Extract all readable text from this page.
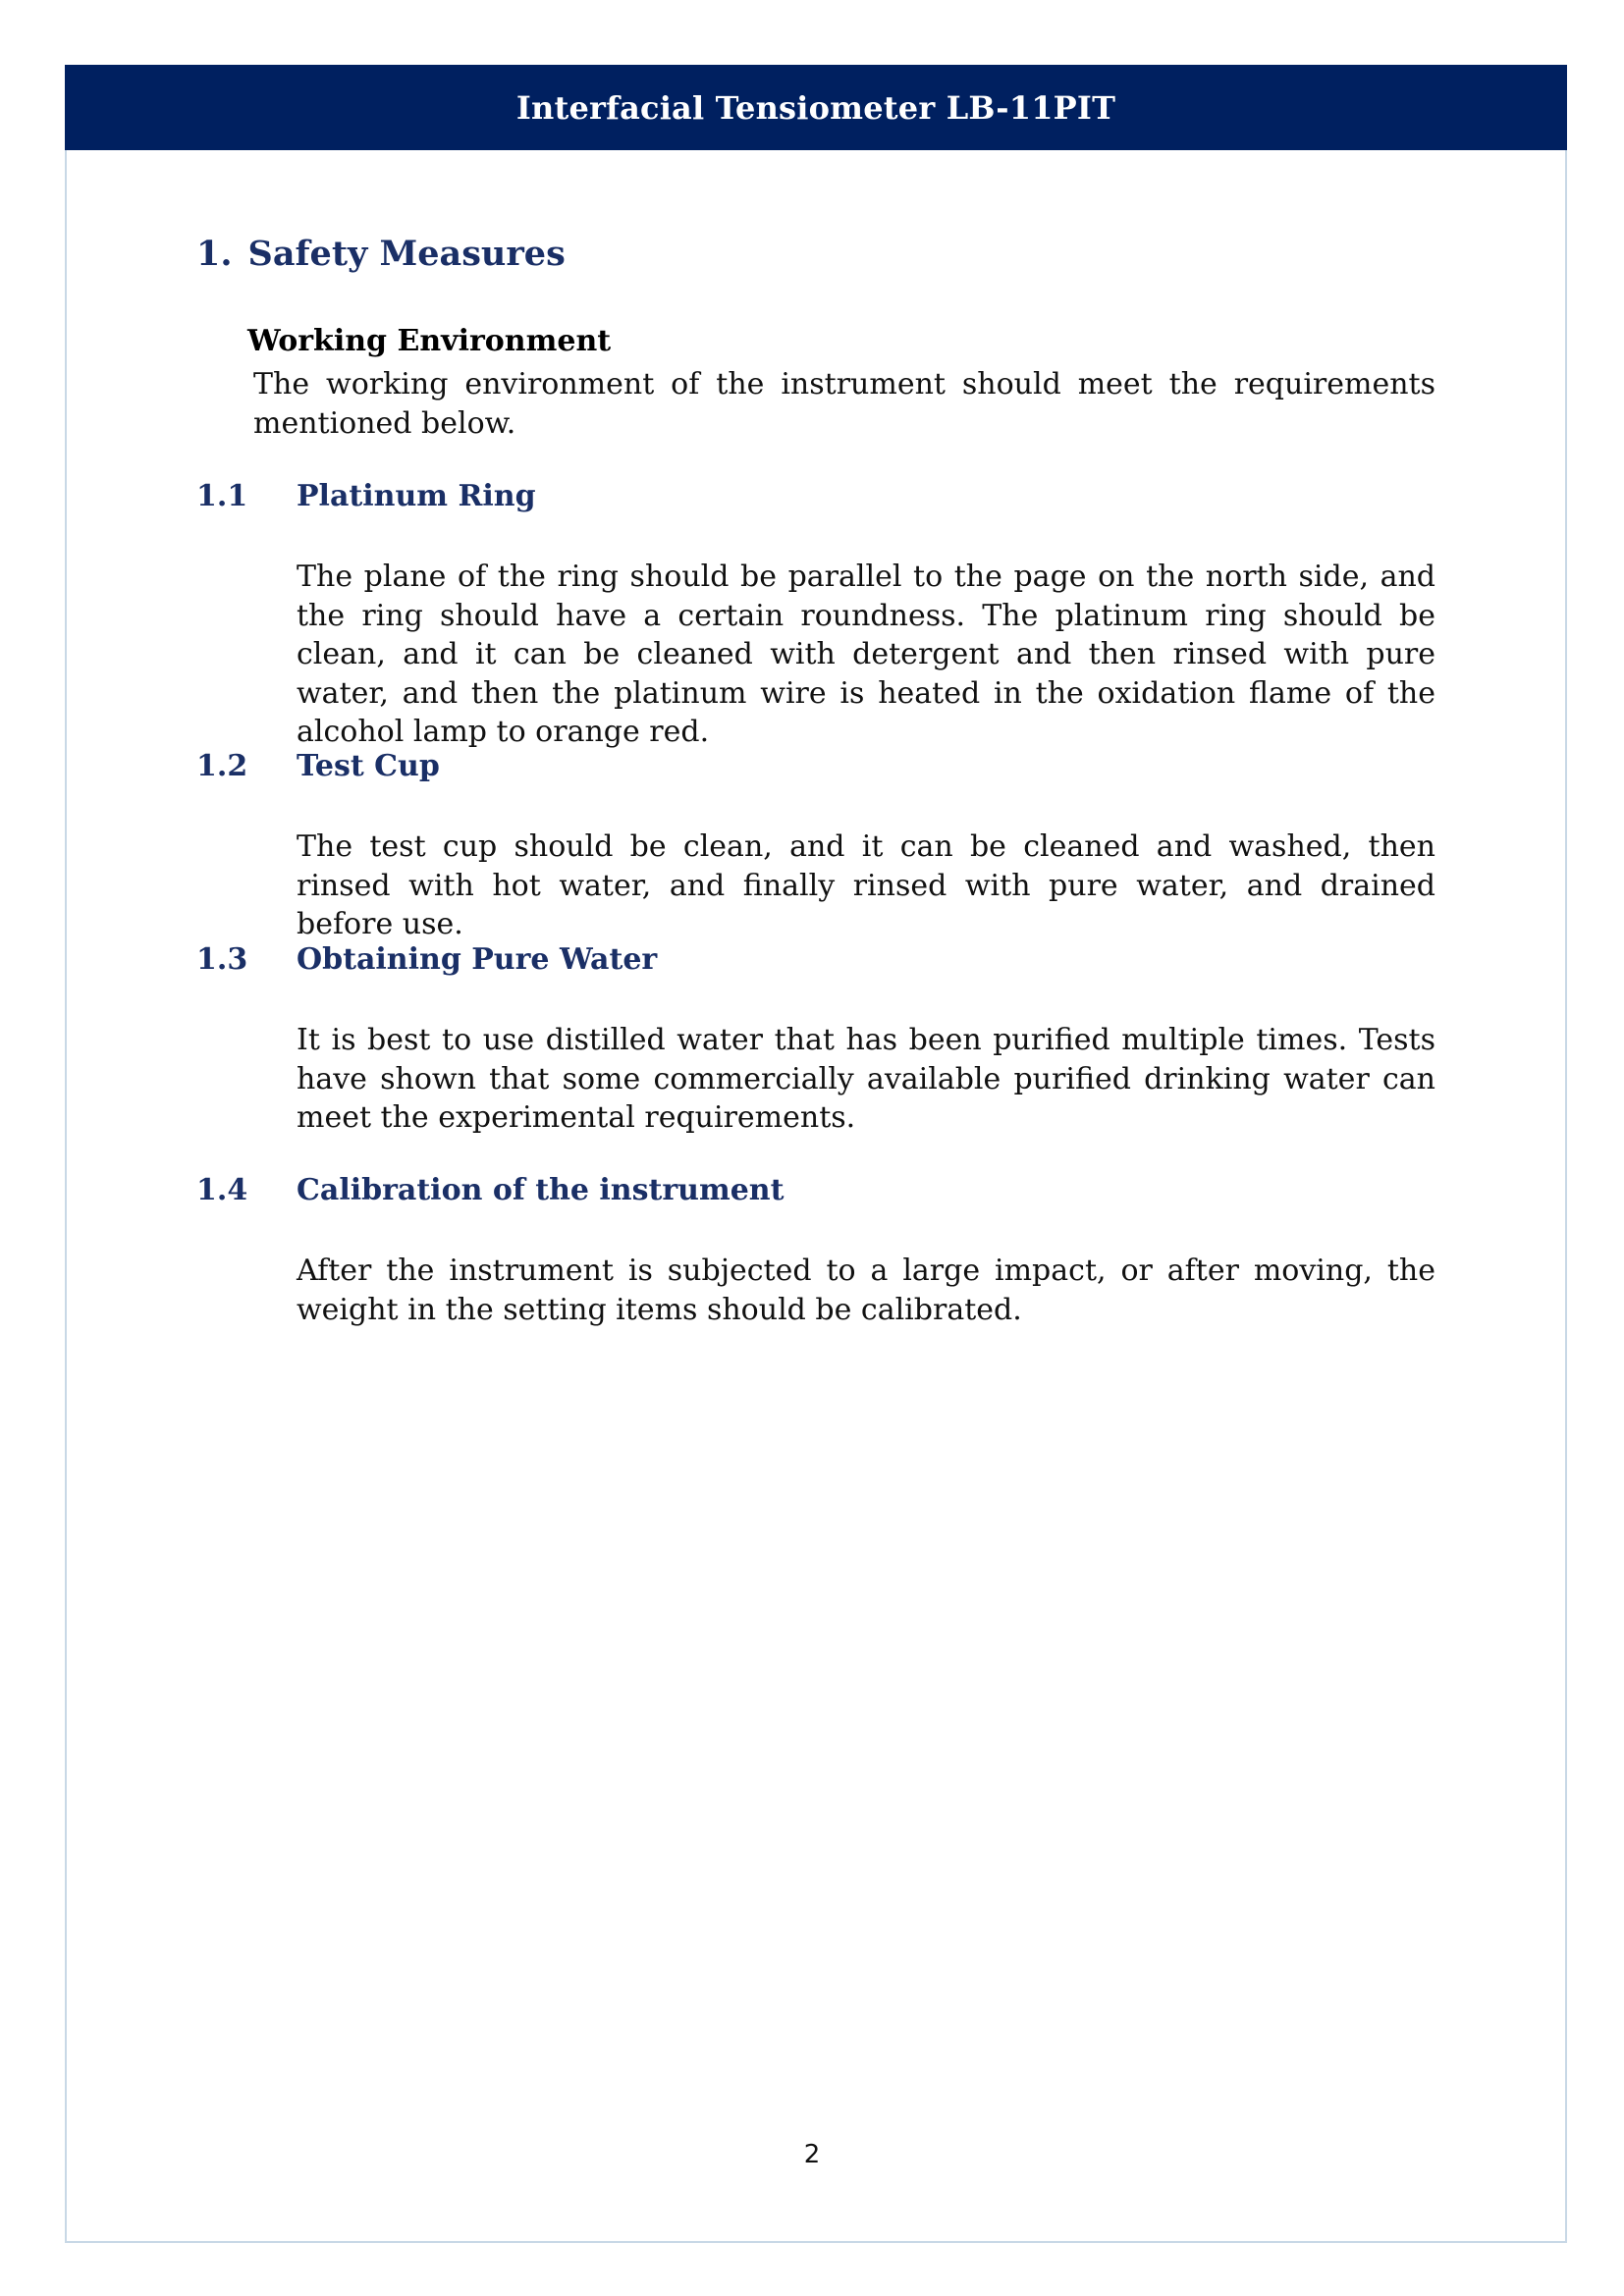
Interfacial Tensiometer LB-11PIT
1. Safety Measures
Working Environment
The working environment of the instrument should meet the requirements mentioned below.
1.1	Platinum Ring
The plane of the ring should be parallel to the page on the north side, and the ring should have a certain roundness. The platinum ring should be clean, and it can be cleaned with detergent and then rinsed with pure water, and then the platinum wire is heated in the oxidation flame of the alcohol lamp to orange red.
1.2	Test Cup
The test cup should be clean, and it can be cleaned and washed, then rinsed with hot water, and finally rinsed with pure water, and drained before use.
1.3	Obtaining Pure Water
It is best to use distilled water that has been purified multiple times. Tests have shown that some commercially available purified drinking water can meet the experimental requirements.
1.4	Calibration of the instrument
After the instrument is subjected to a large impact, or after moving, the weight in the setting items should be calibrated.
2
